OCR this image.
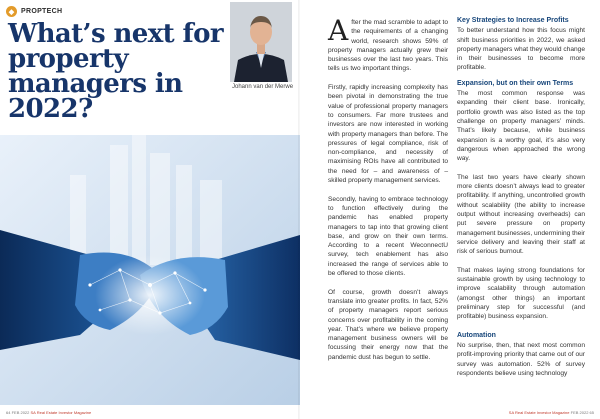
◆ PROPTECH
What’s next for property managers in 2022?
Johann van der Merwe
64 FEB 2022 SA Real Estate Investor Magazine

After the mad scramble to adapt to the requirements of a changing world, research shows 59% of property managers actually grew their businesses over the last two years. This tells us two important things.

Firstly, rapidly increasing complexity has been pivotal in demonstrating the true value of professional property managers to consumers. Far more trustees and investors are now interested in working with property managers than before. The pressures of legal compliance, risk of non-compliance, and necessity of maximising ROIs have all contributed to the need for – and awareness of – skilled property management services.

Secondly, having to embrace technology to function effectively during the pandemic has enabled property managers to tap into that growing client base, and grow on their own terms. According to a recent WeconnectU survey, tech enablement has also increased the range of services able to be offered to those clients.

Of course, growth doesn’t always translate into greater profits. In fact, 52% of property managers report serious concerns over profitability in the coming year. That’s where we believe property management business owners will be focussing their energy now that the pandemic dust has begun to settle.

Key Strategies to Increase Profits

To better understand how this focus might shift business priorities in 2022, we asked property managers what they would change in their businesses to become more profitable.

Expansion, but on their own Terms

The most common response was expanding their client base. Ironically, portfolio growth was also listed as the top challenge on property managers’ minds. That’s likely because, while business expansion is a worthy goal, it’s also very dangerous when approached the wrong way.

The last two years have clearly shown more clients doesn’t always lead to greater profitability. If anything, uncontrolled growth without scalability (the ability to increase output without increasing overheads) can put severe pressure on property management businesses, undermining their service delivery and leaving their staff at risk of serious burnout.

That makes laying strong foundations for sustainable growth by using technology to improve scalability through automation (amongst other things) an important preliminary step for successful (and profitable) business expansion.

Automation

No surprise, then, that next most common profit-improving priority that came out of our survey was automation. 52% of survey respondents believe using technology

SA Real Estate Investor Magazine FEB 2022 65
